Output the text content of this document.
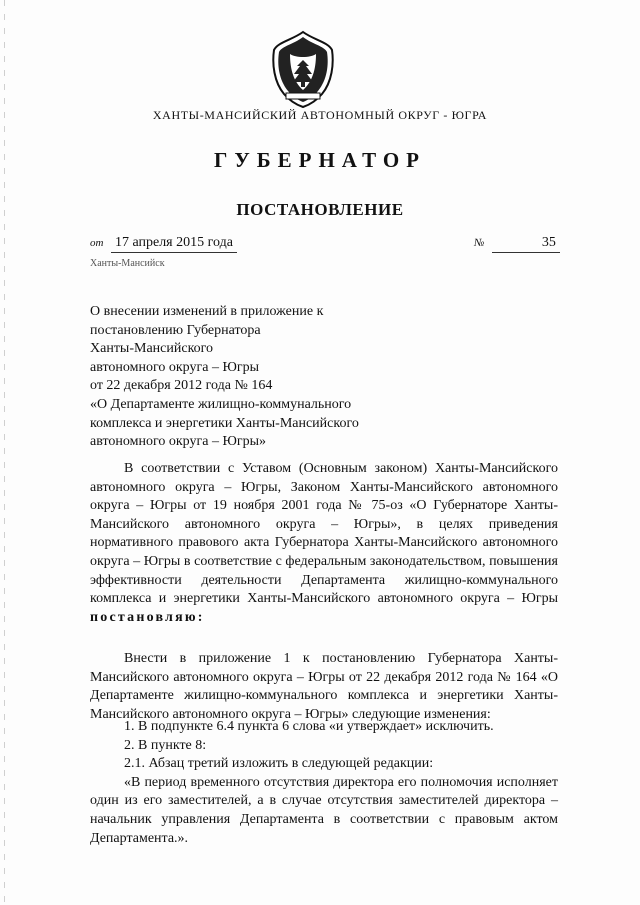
ХАНТЫ-МАНСИЙСКИЙ АВТОНОМНЫЙ ОКРУГ - ЮГРА
ГУБЕРНАТОР
ПОСТАНОВЛЕНИЕ
от 17 апреля 2015 года	№	35
Ханты-Мансийск
О внесении изменений в приложение к
постановлению Губернатора
Ханты-Мансийского
автономного округа – Югры
от 22 декабря 2012 года № 164
«О Департаменте жилищно-коммунального
комплекса и энергетики Ханты-Мансийского
автономного округа – Югры»
В соответствии с Уставом (Основным законом) Ханты-Мансийского автономного округа – Югры, Законом Ханты-Мансийского автономного округа – Югры от 19 ноября 2001 года № 75-оз «О Губернаторе Ханты-Мансийского автономного округа – Югры», в целях приведения нормативного правового акта Губернатора Ханты-Мансийского автономного округа – Югры в соответствие с федеральным законодательством, повышения эффективности деятельности Департамента жилищно-коммунального комплекса и энергетики Ханты-Мансийского автономного округа – Югры постановляю:
Внести в приложение 1 к постановлению Губернатора Ханты-Мансийского автономного округа – Югры от 22 декабря 2012 года № 164 «О Департаменте жилищно-коммунального комплекса и энергетики Ханты-Мансийского автономного округа – Югры» следующие изменения:
1. В подпункте 6.4 пункта 6 слова «и утверждает» исключить.
2. В пункте 8:
2.1. Абзац третий изложить в следующей редакции:
«В период временного отсутствия директора его полномочия исполняет один из его заместителей, а в случае отсутствия заместителей директора – начальник управления Департамента в соответствии с правовым актом Департамента.».
